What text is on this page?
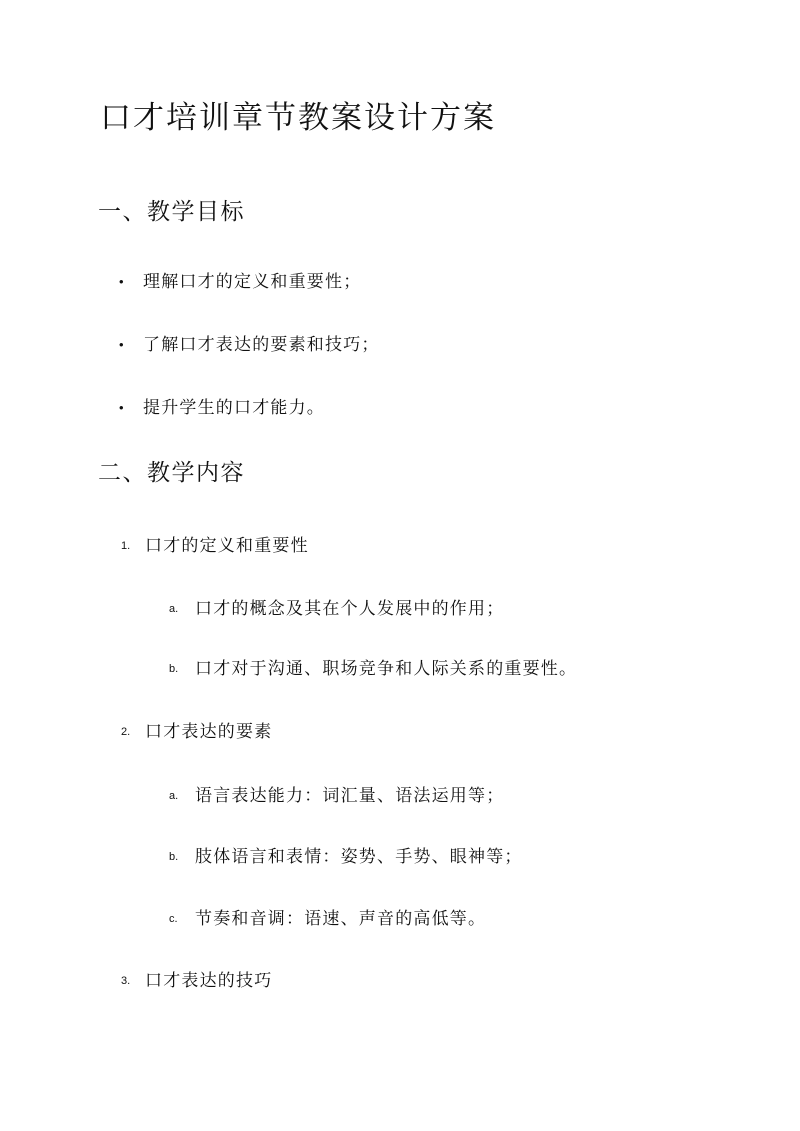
口才培训章节教案设计方案
一、教学目标
•	理解口才的定义和重要性；
•	了解口才表达的要素和技巧；
•	提升学生的口才能力。
二、教学内容
1. 口才的定义和重要性
a. 口才的概念及其在个人发展中的作用；
b. 口才对于沟通、职场竞争和人际关系的重要性。
2. 口才表达的要素
a. 语言表达能力：词汇量、语法运用等；
b. 肢体语言和表情：姿势、手势、眼神等；
c.	节奏和音调：语速、声音的高低等。
3. 口才表达的技巧
